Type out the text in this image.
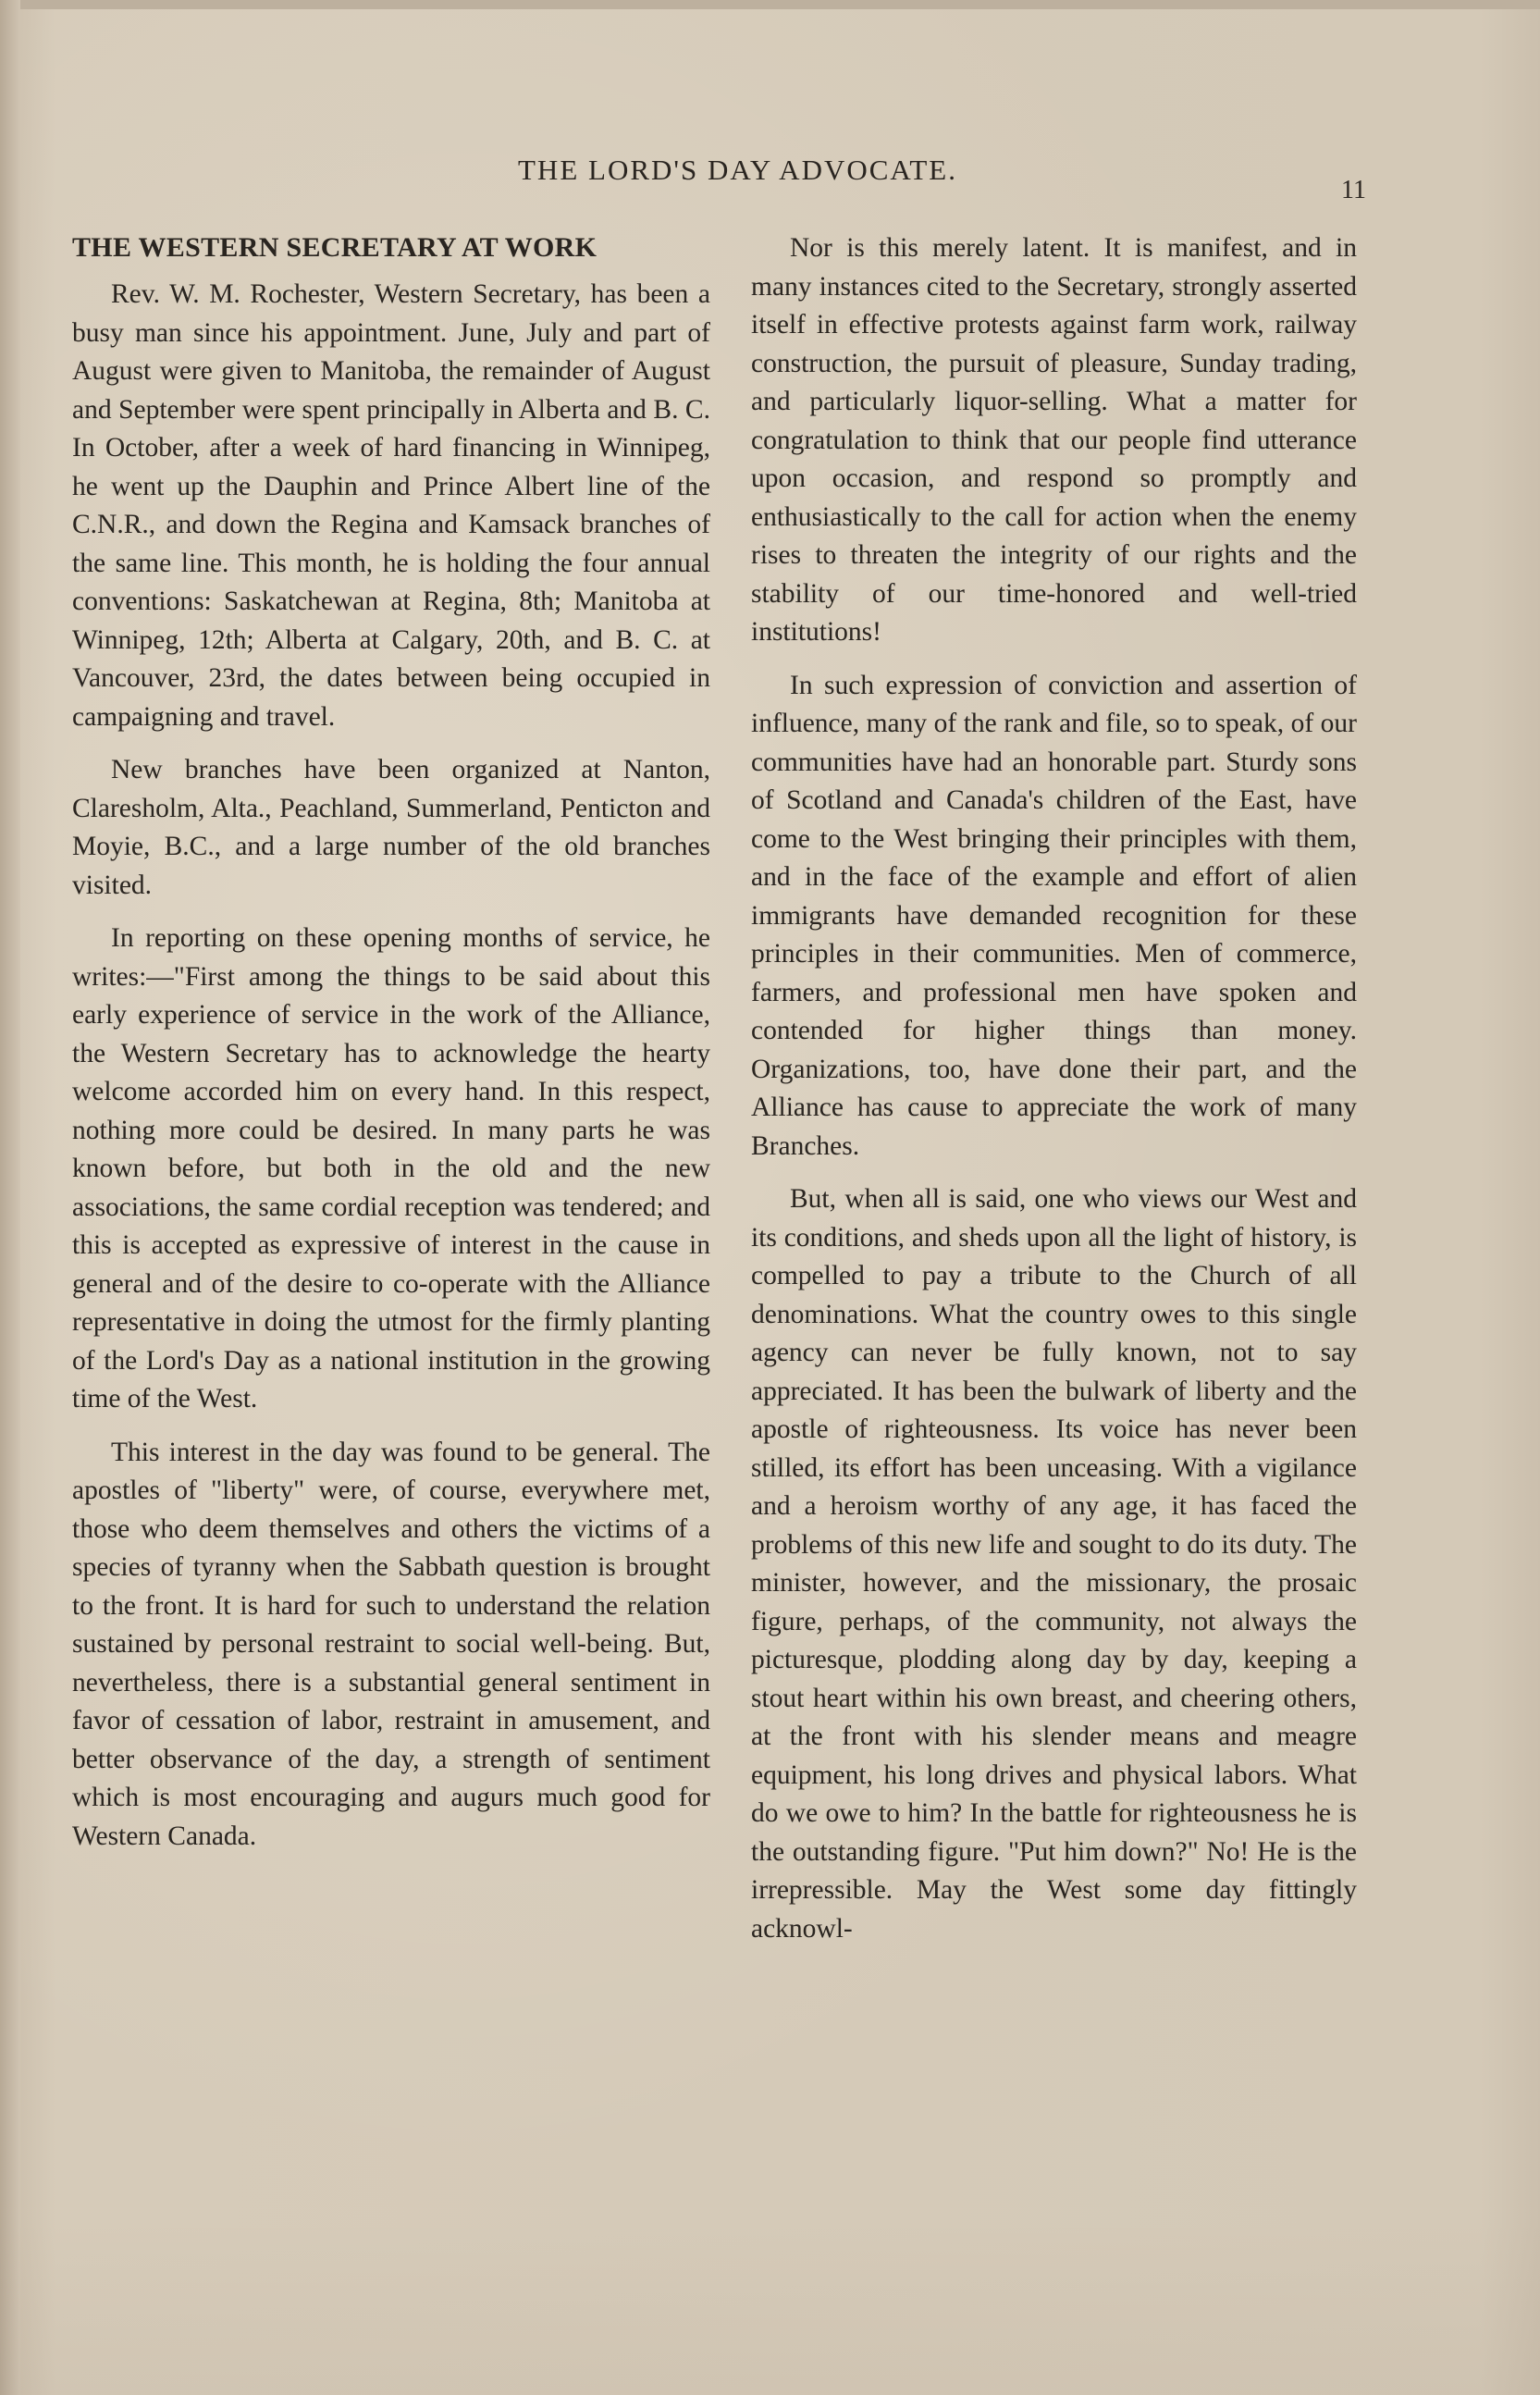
THE LORD'S DAY ADVOCATE.
11
THE WESTERN SECRETARY AT WORK

Rev. W. M. Rochester, Western Secretary, has been a busy man since his appointment. June, July and part of August were given to Manitoba, the remainder of August and September were spent principally in Alberta and B. C. In October, after a week of hard financing in Winnipeg, he went up the Dauphin and Prince Albert line of the C.N.R., and down the Regina and Kamsack branches of the same line. This month, he is holding the four annual conventions: Saskatchewan at Regina, 8th; Manitoba at Winnipeg, 12th; Alberta at Calgary, 20th, and B. C. at Vancouver, 23rd, the dates between being occupied in campaigning and travel.

New branches have been organized at Nanton, Claresholm, Alta., Peachland, Summerland, Penticton and Moyie, B.C., and a large number of the old branches visited.

In reporting on these opening months of service, he writes:—"First among the things to be said about this early experience of service in the work of the Alliance, the Western Secretary has to acknowledge the hearty welcome accorded him on every hand. In this respect, nothing more could be desired. In many parts he was known before, but both in the old and the new associations, the same cordial reception was tendered; and this is accepted as expressive of interest in the cause in general and of the desire to co-operate with the Alliance representative in doing the utmost for the firmly planting of the Lord's Day as a national institution in the growing time of the West.

This interest in the day was found to be general. The apostles of "liberty" were, of course, everywhere met, those who deem themselves and others the victims of a species of tyranny when the Sabbath question is brought to the front. It is hard for such to understand the relation sustained by personal restraint to social well-being. But, nevertheless, there is a substantial general sentiment in favor of cessation of labor, restraint in amusement, and better observance of the day, a strength of sentiment which is most encouraging and augurs much good for Western Canada.

Nor is this merely latent. It is manifest, and in many instances cited to the Secretary, strongly asserted itself in effective protests against farm work, railway construction, the pursuit of pleasure, Sunday trading, and particularly liquor-selling. What a matter for congratulation to think that our people find utterance upon occasion, and respond so promptly and enthusiastically to the call for action when the enemy rises to threaten the integrity of our rights and the stability of our time-honored and well-tried institutions!

In such expression of conviction and assertion of influence, many of the rank and file, so to speak, of our communities have had an honorable part. Sturdy sons of Scotland and Canada's children of the East, have come to the West bringing their principles with them, and in the face of the example and effort of alien immigrants have demanded recognition for these principles in their communities. Men of commerce, farmers, and professional men have spoken and contended for higher things than money. Organizations, too, have done their part, and the Alliance has cause to appreciate the work of many Branches.

But, when all is said, one who views our West and its conditions, and sheds upon all the light of history, is compelled to pay a tribute to the Church of all denominations. What the country owes to this single agency can never be fully known, not to say appreciated. It has been the bulwark of liberty and the apostle of righteousness. Its voice has never been stilled, its effort has been unceasing. With a vigilance and a heroism worthy of any age, it has faced the problems of this new life and sought to do its duty. The minister, however, and the missionary, the prosaic figure, perhaps, of the community, not always the picturesque, plodding along day by day, keeping a stout heart within his own breast, and cheering others, at the front with his slender means and meagre equipment, his long drives and physical labors. What do we owe to him? In the battle for righteousness he is the outstanding figure. "Put him down?" No! He is the irrepressible. May the West some day fittingly acknowl-
